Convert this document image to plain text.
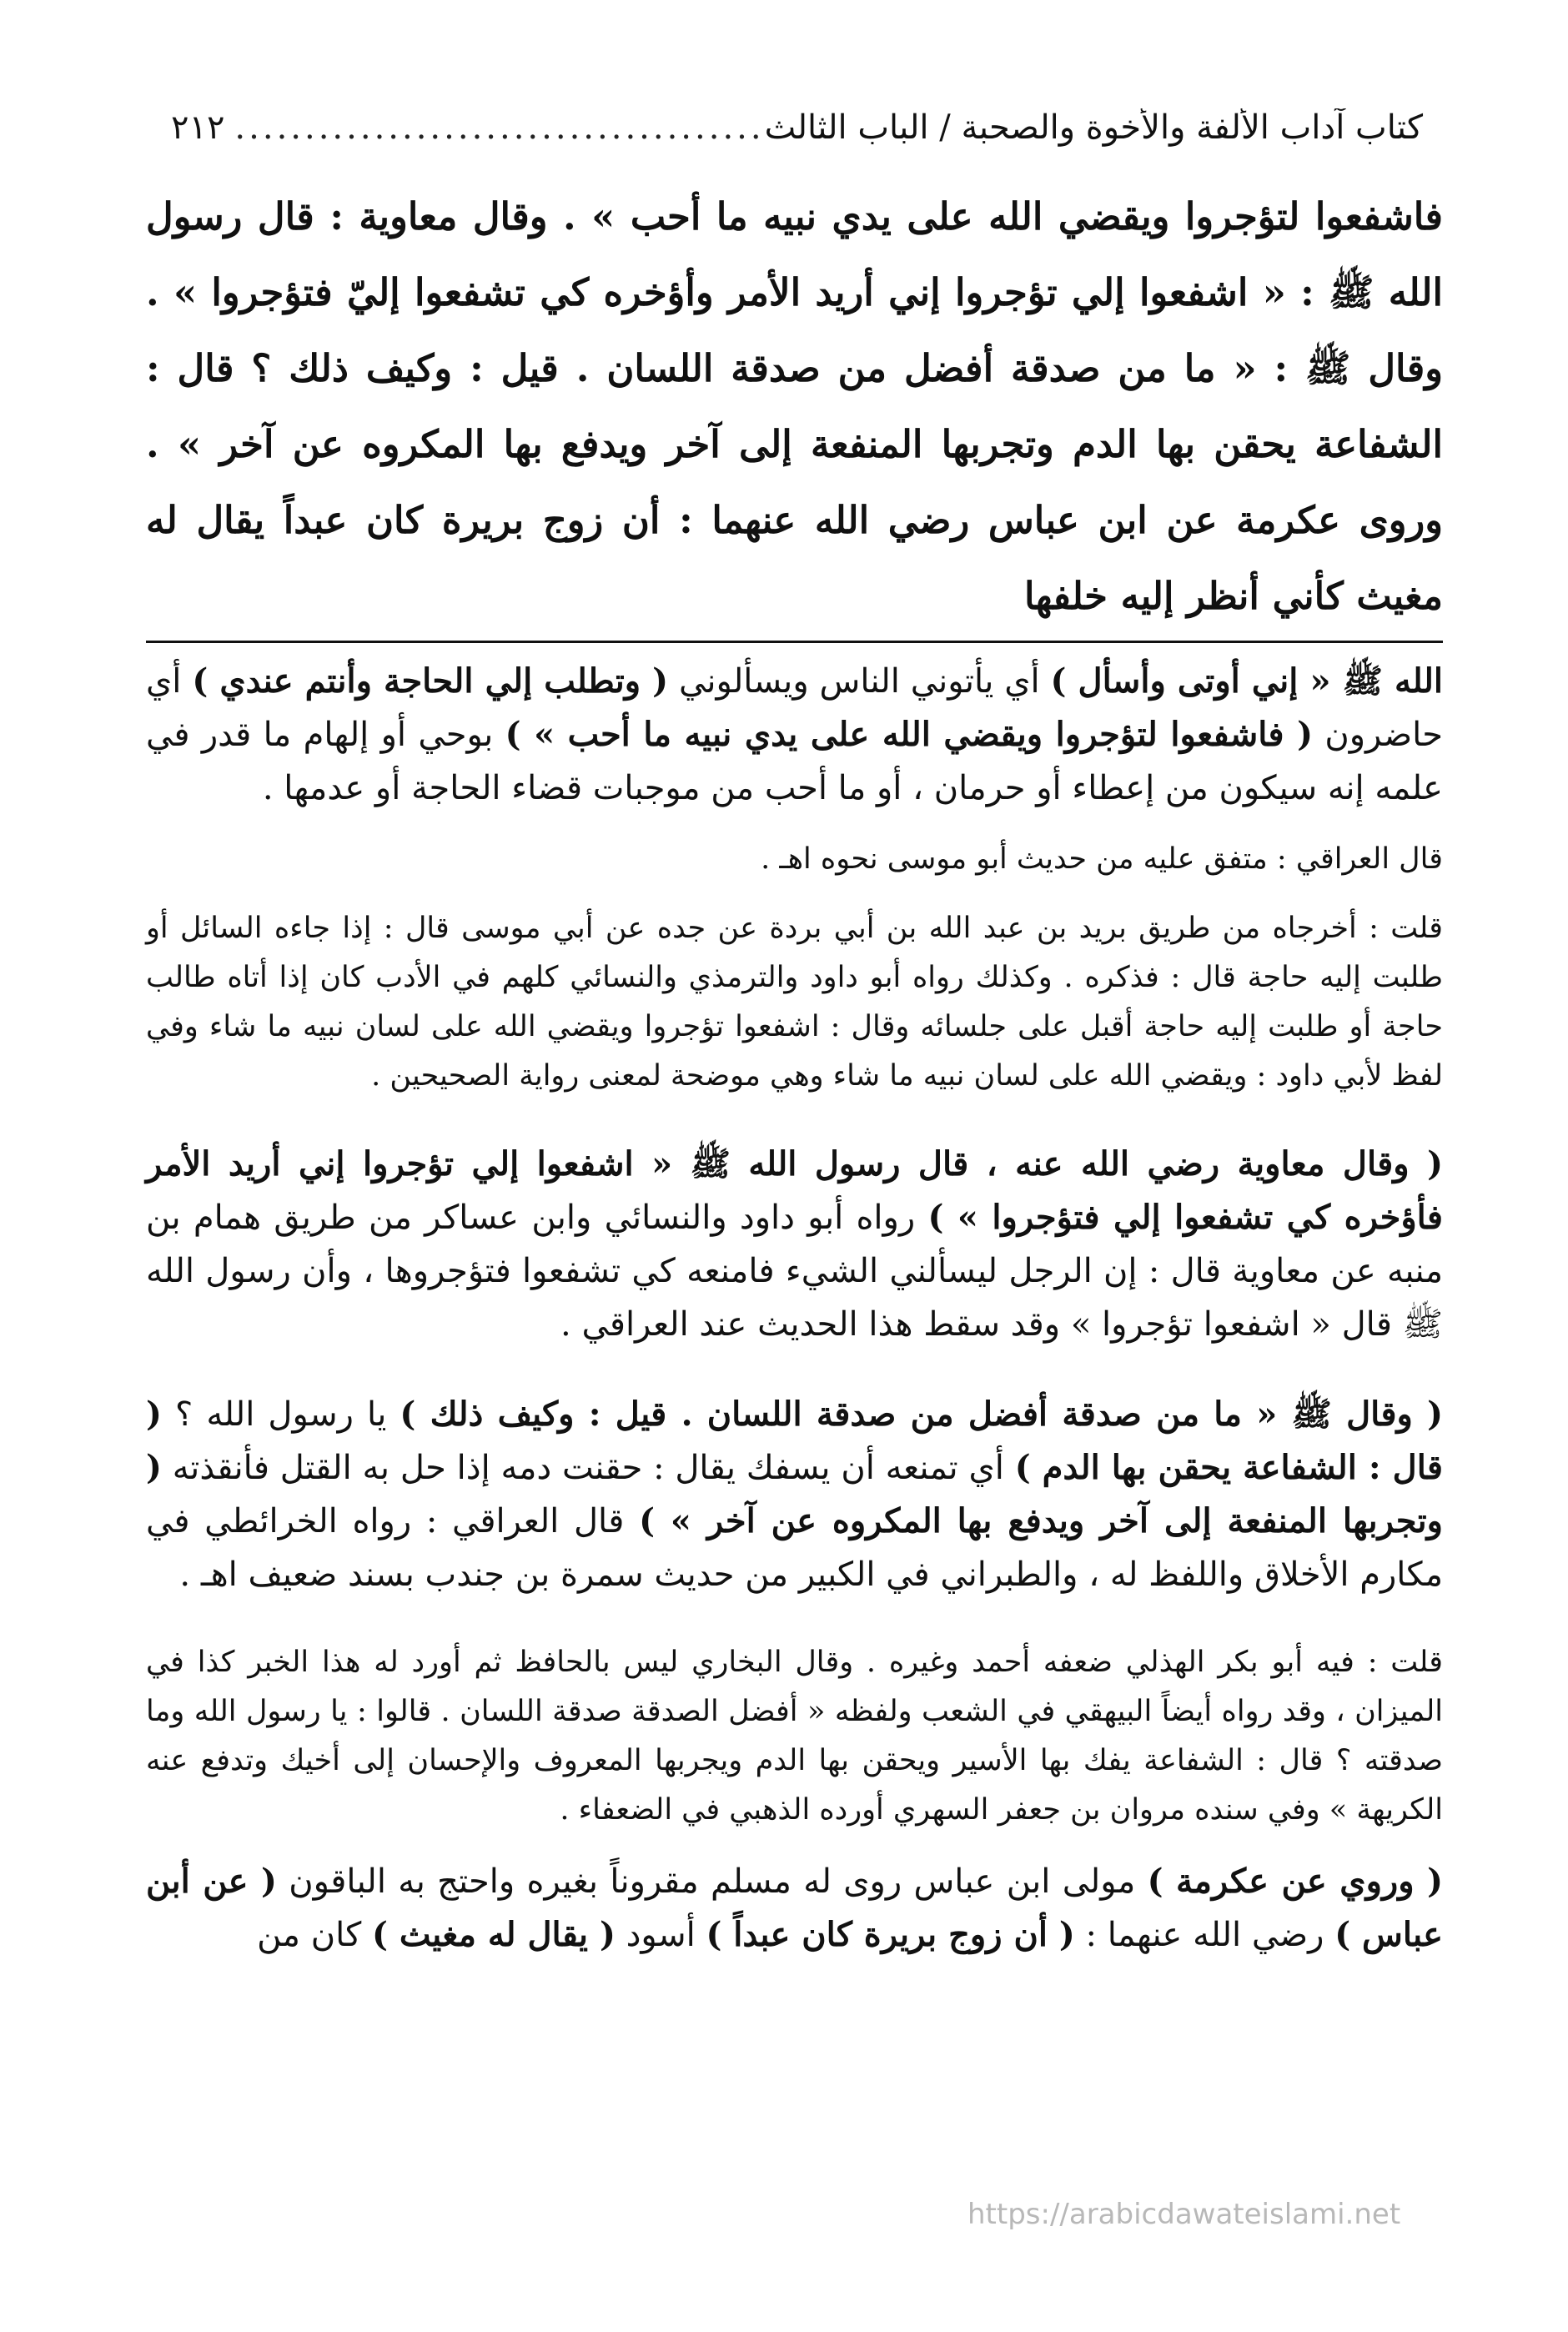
كتاب آداب الألفة والأخوة والصحبة / الباب الثالث
......................................
٢١٢

فاشفعوا لتؤجروا ويقضي الله على يدي نبيه ما أحب » . وقال معاوية : قال رسول الله ﷺ : « اشفعوا إلي تؤجروا إني أريد الأمر وأؤخره كي تشفعوا إليّ فتؤجروا » . وقال ﷺ : « ما من صدقة أفضل من صدقة اللسان . قيل : وكيف ذلك ؟ قال : الشفاعة يحقن بها الدم وتجربها المنفعة إلى آخر ويدفع بها المكروه عن آخر » . وروى عكرمة عن ابن عباس رضي الله عنهما : أن زوج بريرة كان عبداً يقال له مغيث كأني أنظر إليه خلفها

الله ﷺ « إني أوتى وأسأل ) أي يأتوني الناس ويسألوني ( وتطلب إلي الحاجة وأنتم عندي ) أي حاضرون ( فاشفعوا لتؤجروا ويقضي الله على يدي نبيه ما أحب » ) بوحي أو إلهام ما قدر في علمه إنه سيكون من إعطاء أو حرمان ، أو ما أحب من موجبات قضاء الحاجة أو عدمها .

قال العراقي : متفق عليه من حديث أبو موسى نحوه اهـ .

قلت : أخرجاه من طريق بريد بن عبد الله بن أبي بردة عن جده عن أبي موسى قال : إذا جاءه السائل أو طلبت إليه حاجة قال : فذكره . وكذلك رواه أبو داود والترمذي والنسائي كلهم في الأدب كان إذا أتاه طالب حاجة أو طلبت إليه حاجة أقبل على جلسائه وقال : اشفعوا تؤجروا ويقضي الله على لسان نبيه ما شاء وفي لفظ لأبي داود : ويقضي الله على لسان نبيه ما شاء وهي موضحة لمعنى رواية الصحيحين .

( وقال معاوية رضي الله عنه ، قال رسول الله ﷺ « اشفعوا إلي تؤجروا إني أريد الأمر فأؤخره كي تشفعوا إلي فتؤجروا » ) رواه أبو داود والنسائي وابن عساكر من طريق همام بن منبه عن معاوية قال : إن الرجل ليسألني الشيء فامنعه كي تشفعوا فتؤجروها ، وأن رسول الله ﷺ قال « اشفعوا تؤجروا » وقد سقط هذا الحديث عند العراقي .

( وقال ﷺ « ما من صدقة أفضل من صدقة اللسان . قيل : وكيف ذلك ) يا رسول الله ؟ ( قال : الشفاعة يحقن بها الدم ) أي تمنعه أن يسفك يقال : حقنت دمه إذا حل به القتل فأنقذته ( وتجربها المنفعة إلى آخر ويدفع بها المكروه عن آخر » ) قال العراقي : رواه الخرائطي في مكارم الأخلاق واللفظ له ، والطبراني في الكبير من حديث سمرة بن جندب بسند ضعيف اهـ .

قلت : فيه أبو بكر الهذلي ضعفه أحمد وغيره . وقال البخاري ليس بالحافظ ثم أورد له هذا الخبر كذا في الميزان ، وقد رواه أيضاً البيهقي في الشعب ولفظه « أفضل الصدقة صدقة اللسان . قالوا : يا رسول الله وما صدقته ؟ قال : الشفاعة يفك بها الأسير ويحقن بها الدم ويجربها المعروف والإحسان إلى أخيك وتدفع عنه الكريهة » وفي سنده مروان بن جعفر السهري أورده الذهبي في الضعفاء .

( وروي عن عكرمة ) مولى ابن عباس روى له مسلم مقروناً بغيره واحتج به الباقون ( عن أبن عباس ) رضي الله عنهما : ( أن زوج بريرة كان عبداً ) أسود ( يقال له مغيث ) كان من

https://arabicdawateislami.net
